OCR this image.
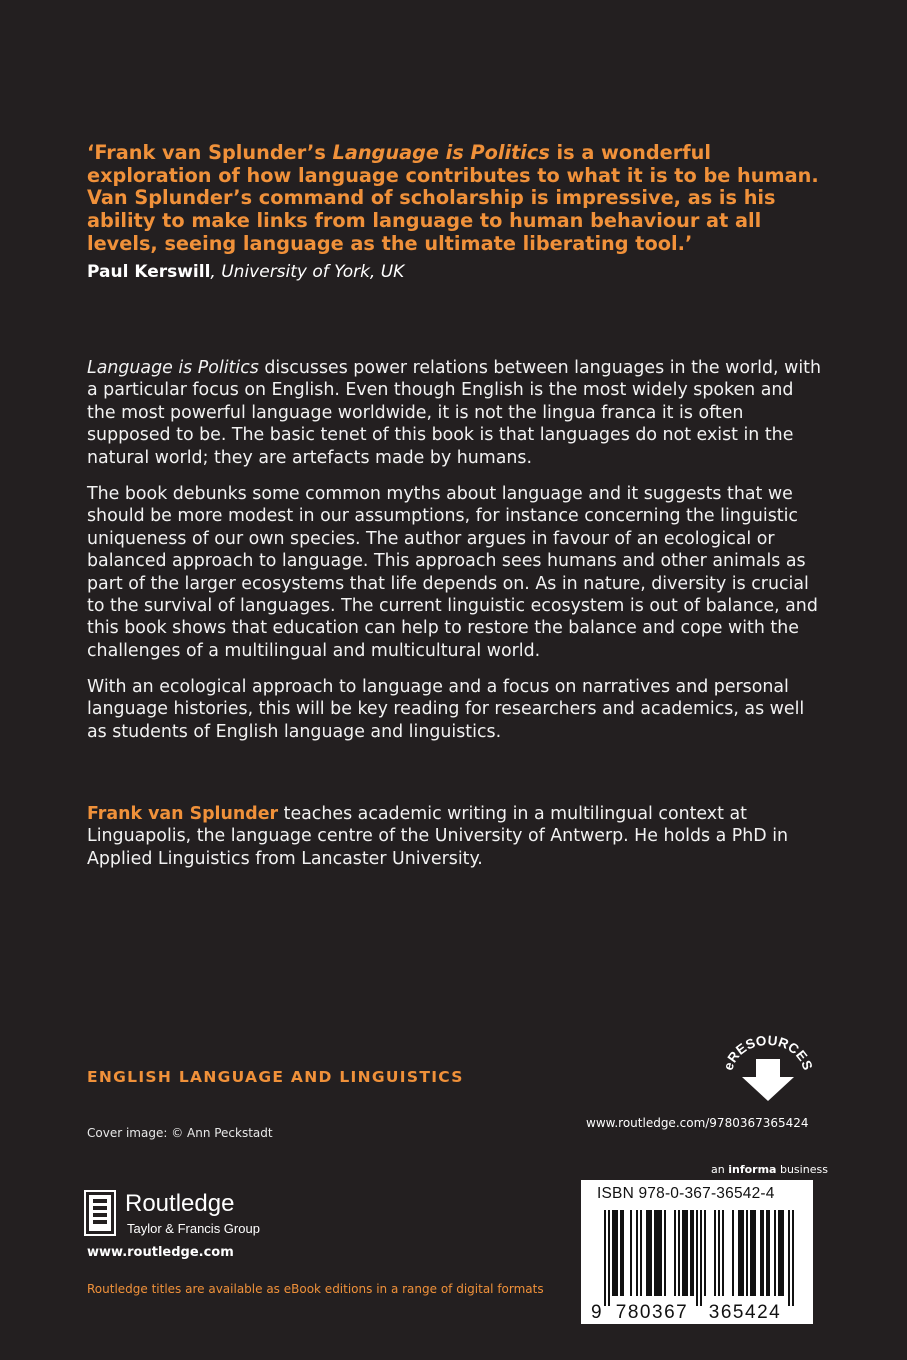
‘Frank van Splunder’s Language is Politics is a wonderful exploration of how language contributes to what it is to be human. Van Splunder’s command of scholarship is impressive, as is his ability to make links from language to human behaviour at all levels, seeing language as the ultimate liberating tool.’
Paul Kerswill, University of York, UK
Language is Politics discusses power relations between languages in the world, with a particular focus on English. Even though English is the most widely spoken and the most powerful language worldwide, it is not the lingua franca it is often supposed to be. The basic tenet of this book is that languages do not exist in the natural world; they are artefacts made by humans.
The book debunks some common myths about language and it suggests that we should be more modest in our assumptions, for instance concerning the linguistic uniqueness of our own species. The author argues in favour of an ecological or balanced approach to language. This approach sees humans and other animals as part of the larger ecosystems that life depends on. As in nature, diversity is crucial to the survival of languages. The current linguistic ecosystem is out of balance, and this book shows that education can help to restore the balance and cope with the challenges of a multilingual and multicultural world.
With an ecological approach to language and a focus on narratives and personal language histories, this will be key reading for researchers and academics, as well as students of English language and linguistics.
Frank van Splunder teaches academic writing in a multilingual context at Linguapolis, the language centre of the University of Antwerp. He holds a PhD in Applied Linguistics from Lancaster University.
ENGLISH LANGUAGE AND LINGUISTICS
eRESOURCES
www.routledge.com/9780367365424
Cover image: © Ann Peckstadt
Routledge
Taylor & Francis Group
www.routledge.com
Routledge titles are available as eBook editions in a range of digital formats
an informa business
9 780367 365424
ISBN 978-0-367-36542-4
